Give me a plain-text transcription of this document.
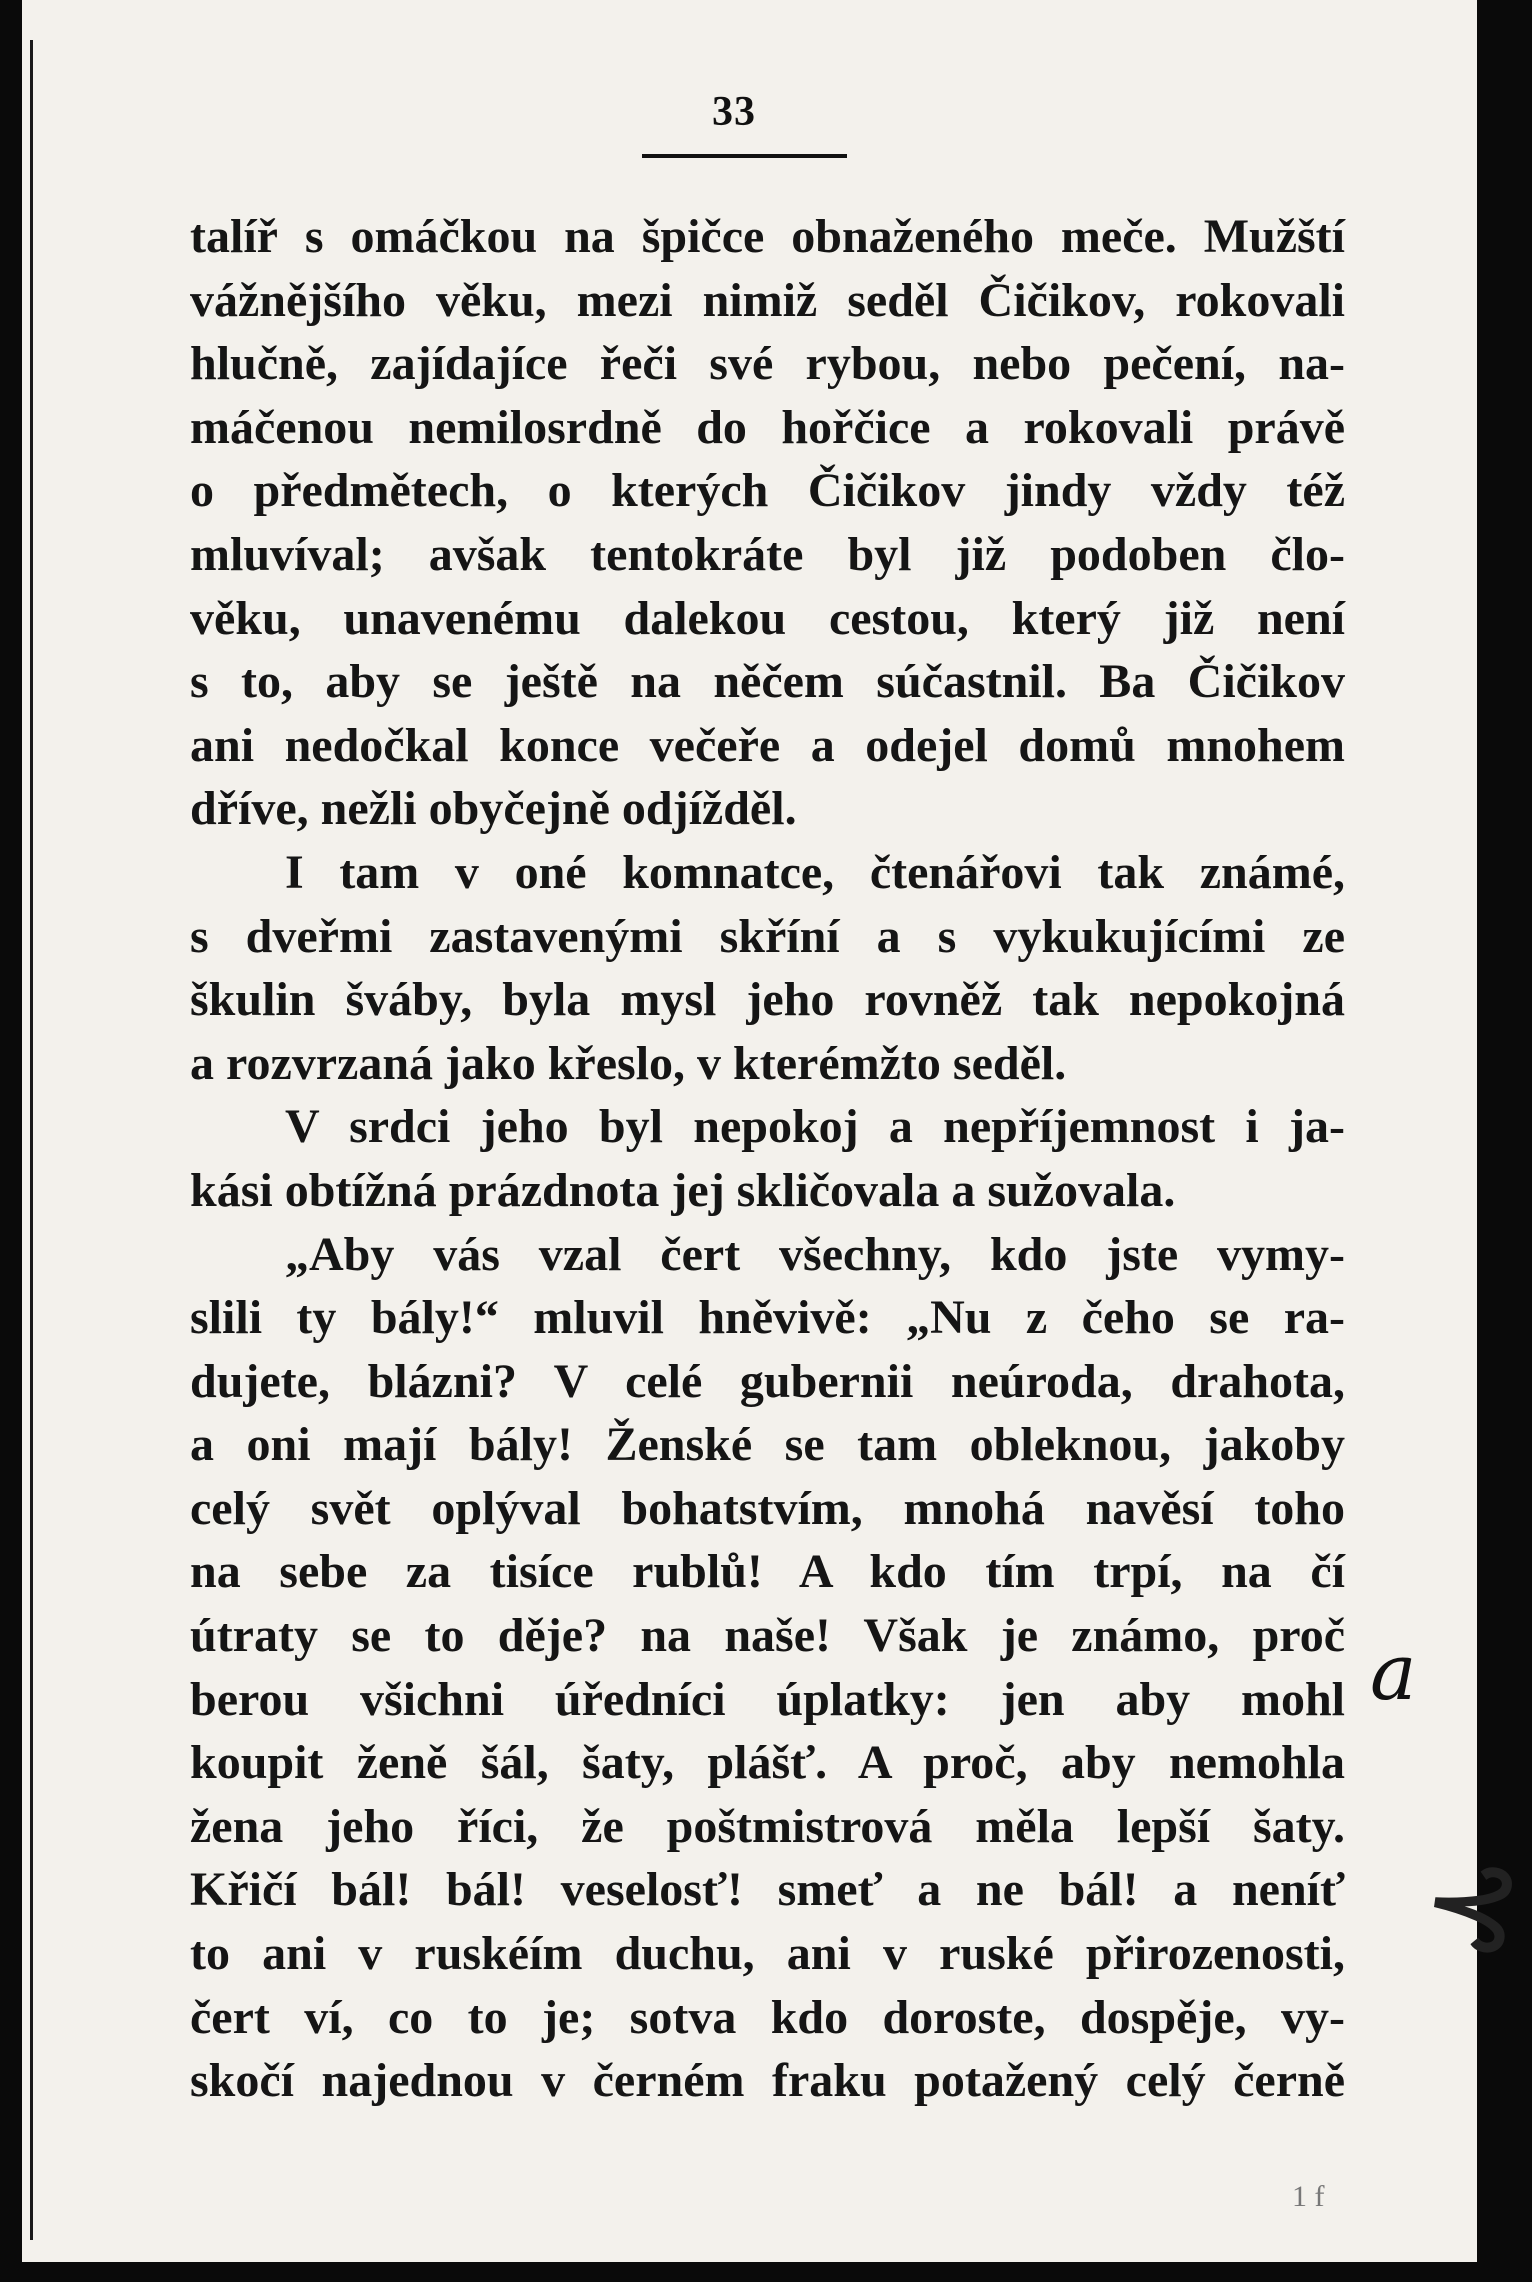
33
talíř s omáčkou na špičce obnaženého meče. Mužští
vážnějšího věku, mezi nimiž seděl Čičikov, rokovali
hlučně, zajídajíce řeči své rybou, nebo pečení, na-
máčenou nemilosrdně do hořčice a rokovali právě
o předmětech, o kterých Čičikov jindy vždy též
mluvíval; avšak tentokráte byl již podoben člo-
věku, unavenému dalekou cestou, který již není
s to, aby se ještě na něčem súčastnil. Ba Čičikov
ani nedočkal konce večeře a odejel domů mnohem
dříve, nežli obyčejně odjížděl.
I tam v oné komnatce, čtenářovi tak známé,
s dveřmi zastavenými skříní a s vykukujícími ze
škulin šváby, byla mysl jeho rovněž tak nepokojná
a rozvrzaná jako křeslo, v kterémžto seděl.
V srdci jeho byl nepokoj a nepříjemnost i ja-
kási obtížná prázdnota jej skličovala a sužovala.
„Aby vás vzal čert všechny, kdo jste vymy-
slili ty bály!“ mluvil hněvivě: „Nu z čeho se ra-
dujete, blázni? V celé gubernii neúroda, drahota,
a oni mají bály! Ženské se tam obleknou, jakoby
celý svět oplýval bohatstvím, mnohá navěsí toho
na sebe za tisíce rublů! A kdo tím trpí, na čí
útraty se to děje? na naše! Však je známo, proč
berou všichni úředníci úplatky: jen aby mohl
koupit ženě šál, šaty, plášť. A proč, aby nemohla
žena jeho říci, že poštmistrová měla lepší šaty.
Křičí bál! bál! veselosť! smeť a ne bál! a neníť
to ani v ruskéím duchu, ani v ruské přirozenosti,
čert ví, co to je; sotva kdo doroste, dospěje, vy-
skočí najednou v černém fraku potažený celý černě
a
⊰
1 f
